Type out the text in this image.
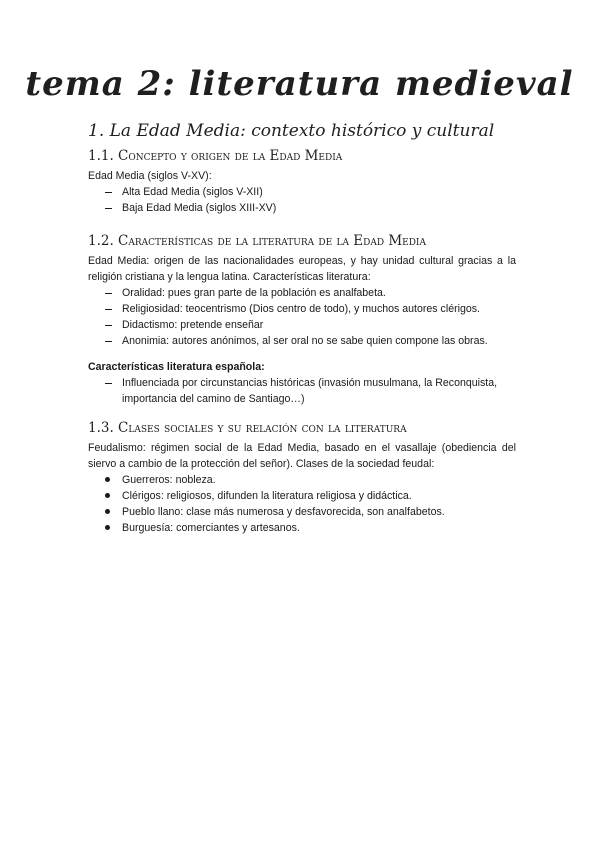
tema 2: literatura medieval
1. La Edad Media: contexto histórico y cultural
1.1. Concepto y origen de la Edad Media

Edad Media (siglos V-XV):

Alta Edad Media (siglos V-XII)
Baja Edad Media (siglos XIII-XV)
1.2. Características de la literatura de la Edad Media

Edad Media: origen de las nacionalidades europeas, y hay unidad cultural gracias a la religión cristiana y la lengua latina. Características literatura:

Oralidad: pues gran parte de la población es analfabeta.
Religiosidad: teocentrismo (Dios centro de todo), y muchos autores clérigos.
Didactismo: pretende enseñar
Anonimia: autores anónimos, al ser oral no se sabe quien compone las obras.

Características literatura española:

Influenciada por circunstancias históricas (invasión musulmana, la Reconquista, importancia del camino de Santiago…)
1.3. Clases sociales y su relación con la literatura

Feudalismo: régimen social de la Edad Media, basado en el vasallaje (obediencia del siervo a cambio de la protección del señor). Clases de la sociedad feudal:

Guerreros: nobleza.
Clérigos: religiosos, difunden la literatura religiosa y didáctica.
Pueblo llano: clase más numerosa y desfavorecida, son analfabetos.
Burguesía: comerciantes y artesanos.
